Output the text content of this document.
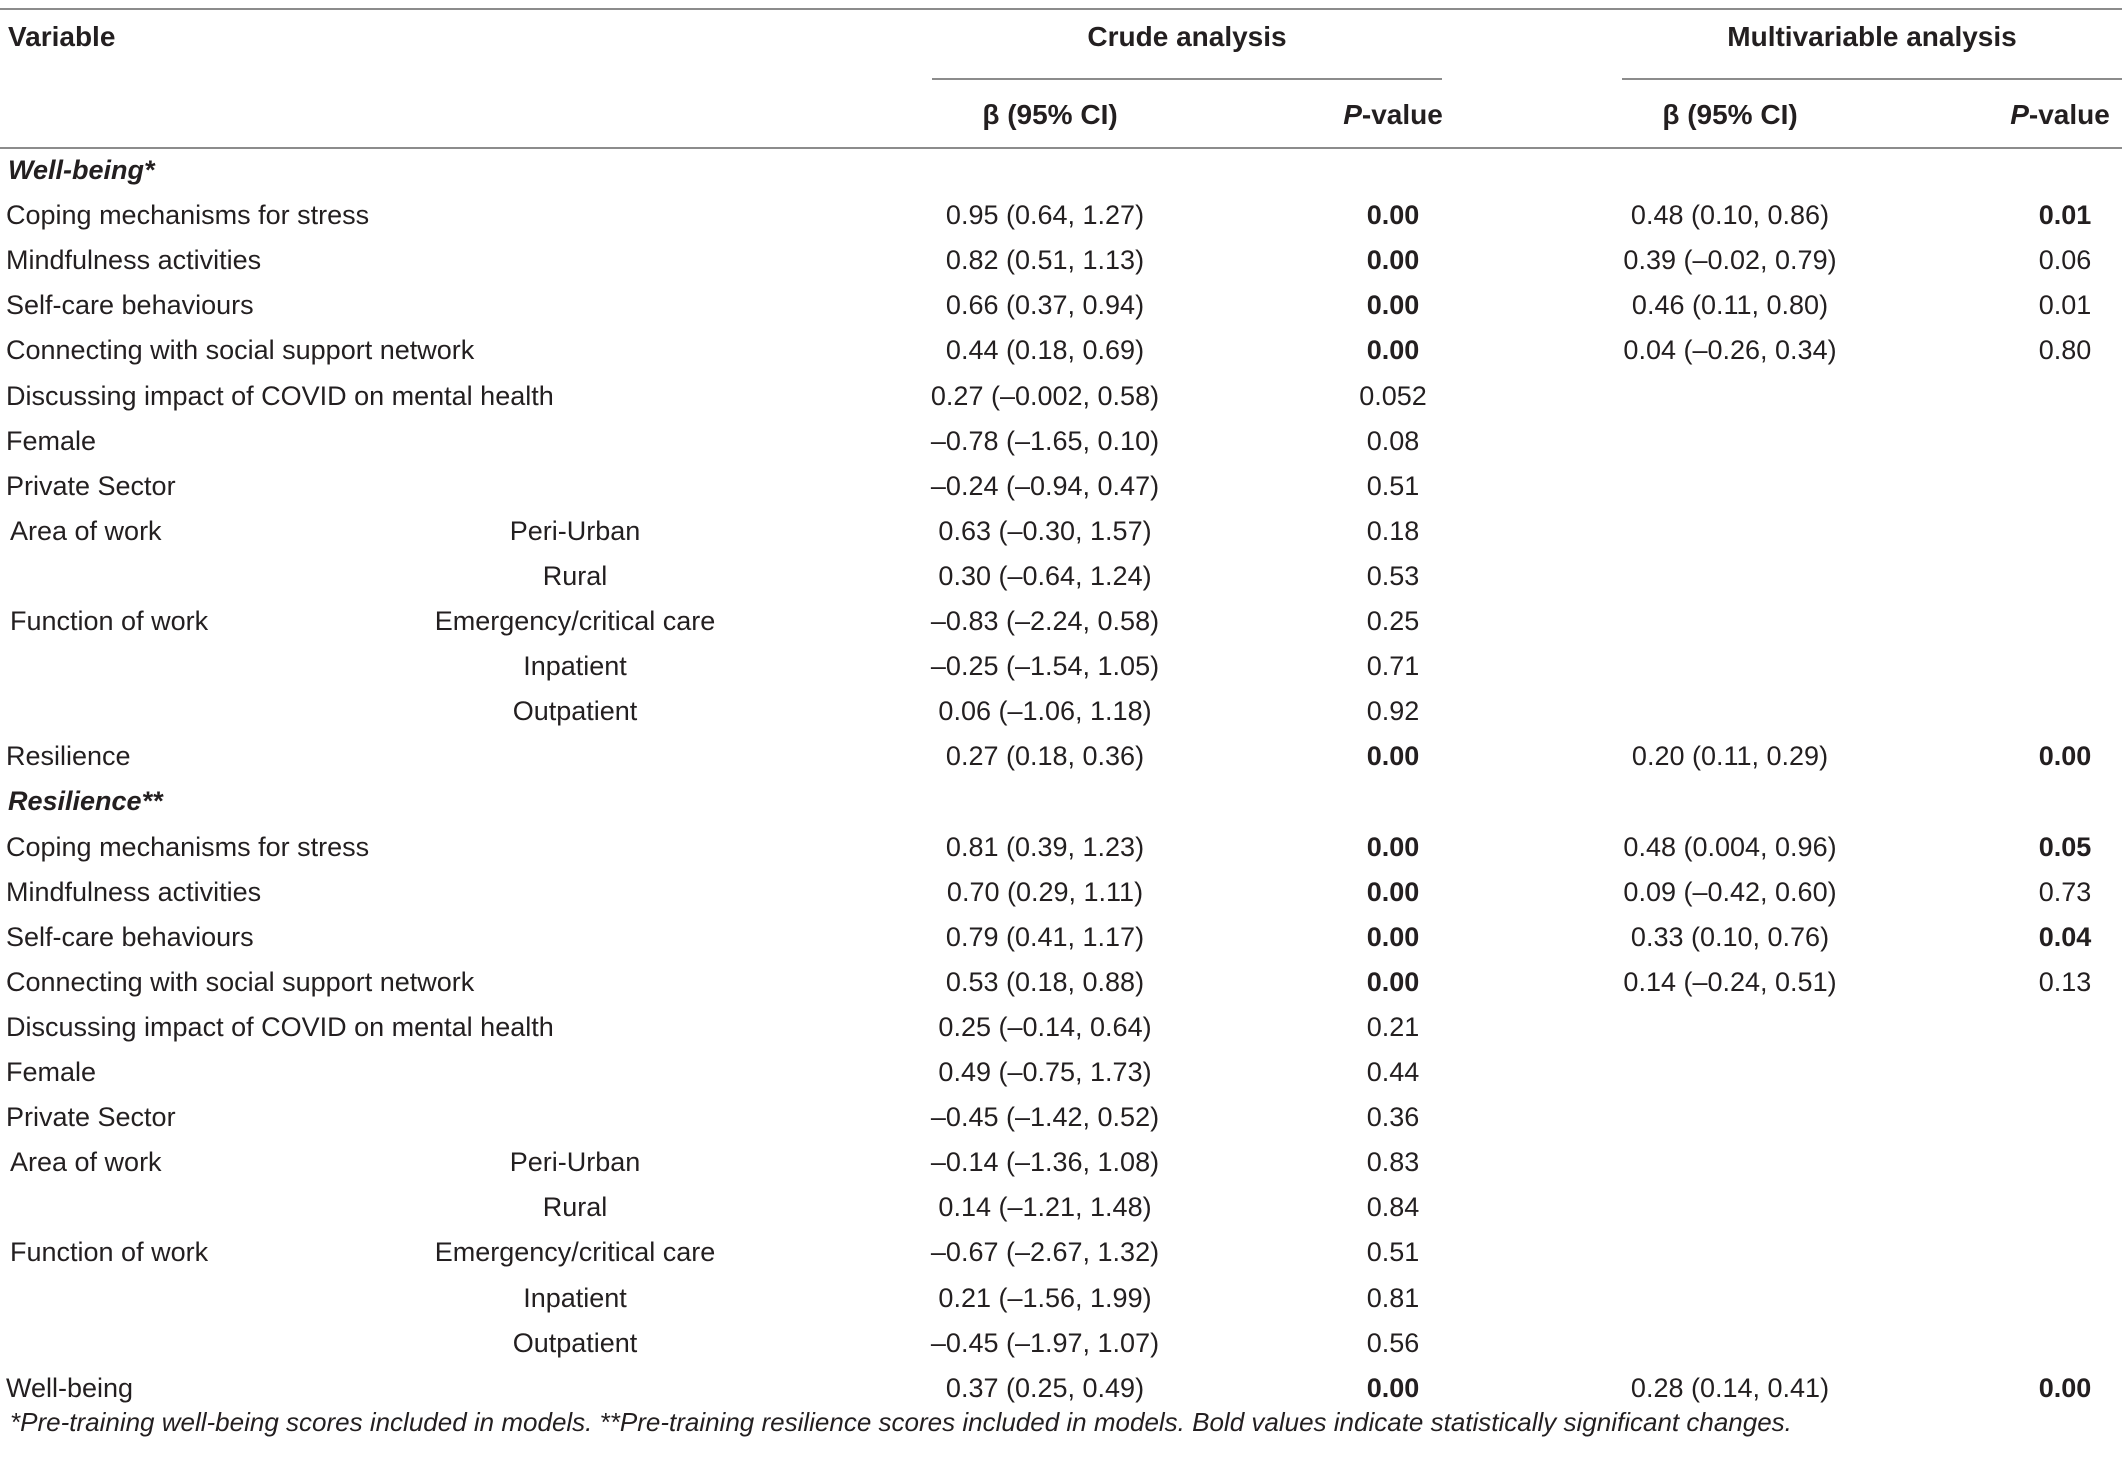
Variable	Crude analysis	Multivariable analysis
β (95% CI)	P-value	β (95% CI)	P-value
Well-being*
Coping mechanisms for stress	0.95 (0.64, 1.27)	0.00	0.48 (0.10, 0.86)	0.01
Mindfulness activities	0.82 (0.51, 1.13)	0.00	0.39 (–0.02, 0.79)	0.06
Self-care behaviours	0.66 (0.37, 0.94)	0.00	0.46 (0.11, 0.80)	0.01
Connecting with social support network	0.44 (0.18, 0.69)	0.00	0.04 (–0.26, 0.34)	0.80
Discussing impact of COVID on mental health	0.27 (–0.002, 0.58)	0.052
Female	–0.78 (–1.65, 0.10)	0.08
Private Sector	–0.24 (–0.94, 0.47)	0.51
Area of work	Peri-Urban	0.63 (–0.30, 1.57)	0.18
Rural	0.30 (–0.64, 1.24)	0.53
Function of work	Emergency/critical care	–0.83 (–2.24, 0.58)	0.25
Inpatient	–0.25 (–1.54, 1.05)	0.71
Outpatient	0.06 (–1.06, 1.18)	0.92
Resilience	0.27 (0.18, 0.36)	0.00	0.20 (0.11, 0.29)	0.00
Resilience**
Coping mechanisms for stress	0.81 (0.39, 1.23)	0.00	0.48 (0.004, 0.96)	0.05
Mindfulness activities	0.70 (0.29, 1.11)	0.00	0.09 (–0.42, 0.60)	0.73
Self-care behaviours	0.79 (0.41, 1.17)	0.00	0.33 (0.10, 0.76)	0.04
Connecting with social support network	0.53 (0.18, 0.88)	0.00	0.14 (–0.24, 0.51)	0.13
Discussing impact of COVID on mental health	0.25 (–0.14, 0.64)	0.21
Female	0.49 (–0.75, 1.73)	0.44
Private Sector	–0.45 (–1.42, 0.52)	0.36
Area of work	Peri-Urban	–0.14 (–1.36, 1.08)	0.83
Rural	0.14 (–1.21, 1.48)	0.84
Function of work	Emergency/critical care	–0.67 (–2.67, 1.32)	0.51
Inpatient	0.21 (–1.56, 1.99)	0.81
Outpatient	–0.45 (–1.97, 1.07)	0.56
Well-being	0.37 (0.25, 0.49)	0.00	0.28 (0.14, 0.41)	0.00
*Pre-training well-being scores included in models. **Pre-training resilience scores included in models. Bold values indicate statistically significant changes.
